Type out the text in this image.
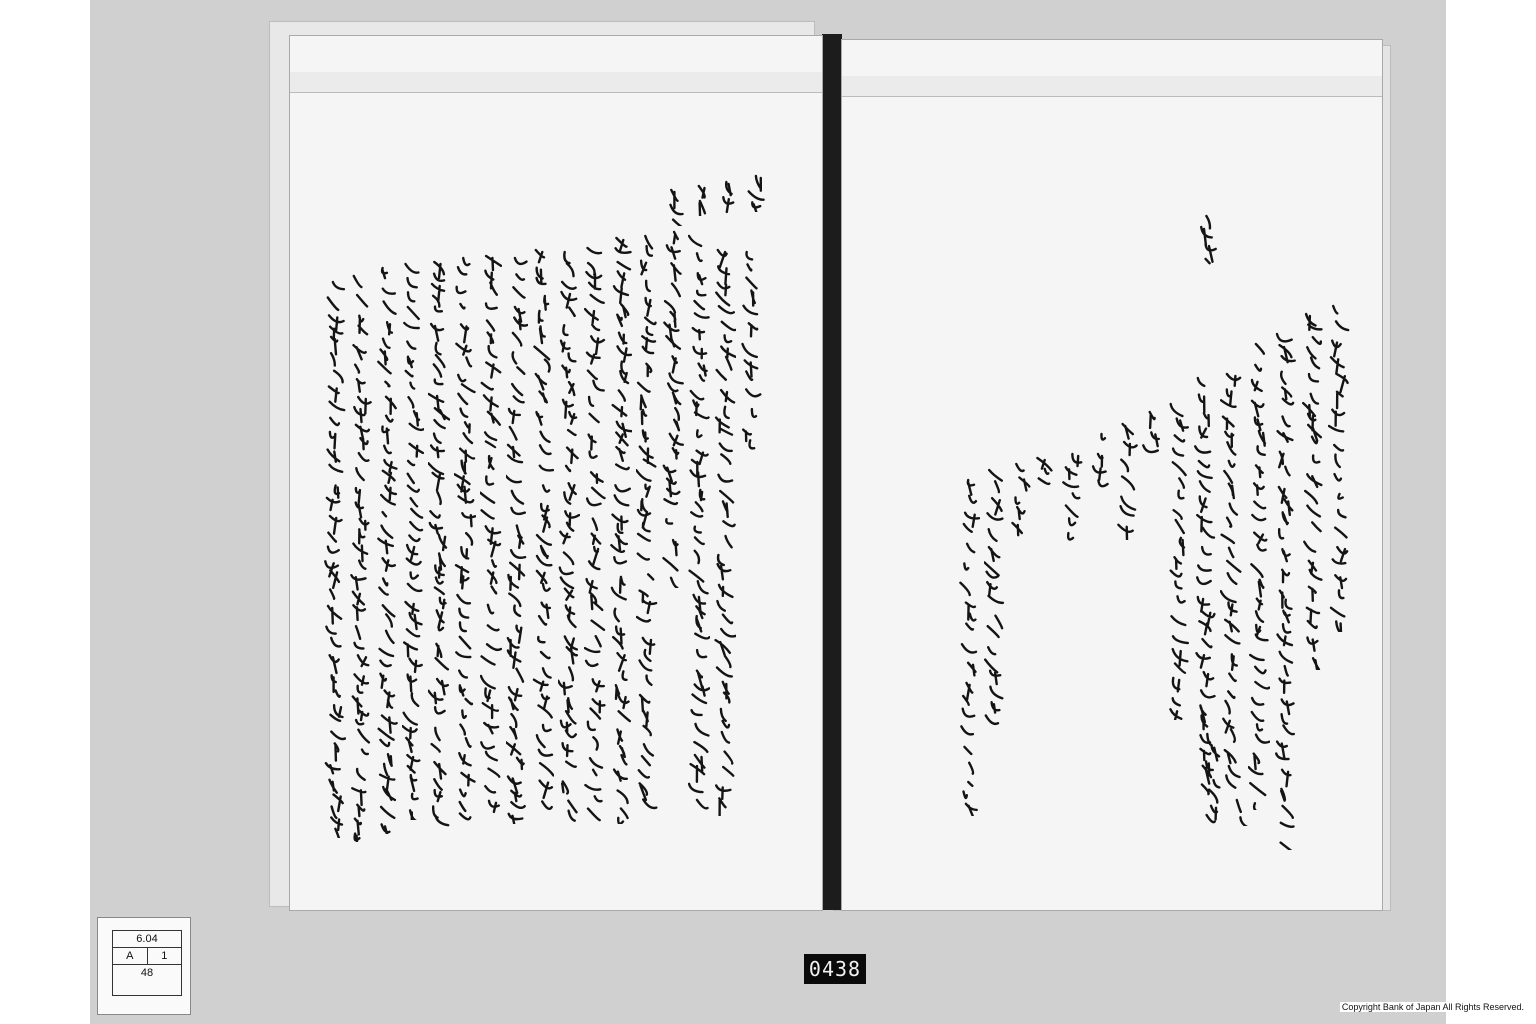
6.04
A	1
48	0438
Copyright Bank of Japan All Rights Reserved.
